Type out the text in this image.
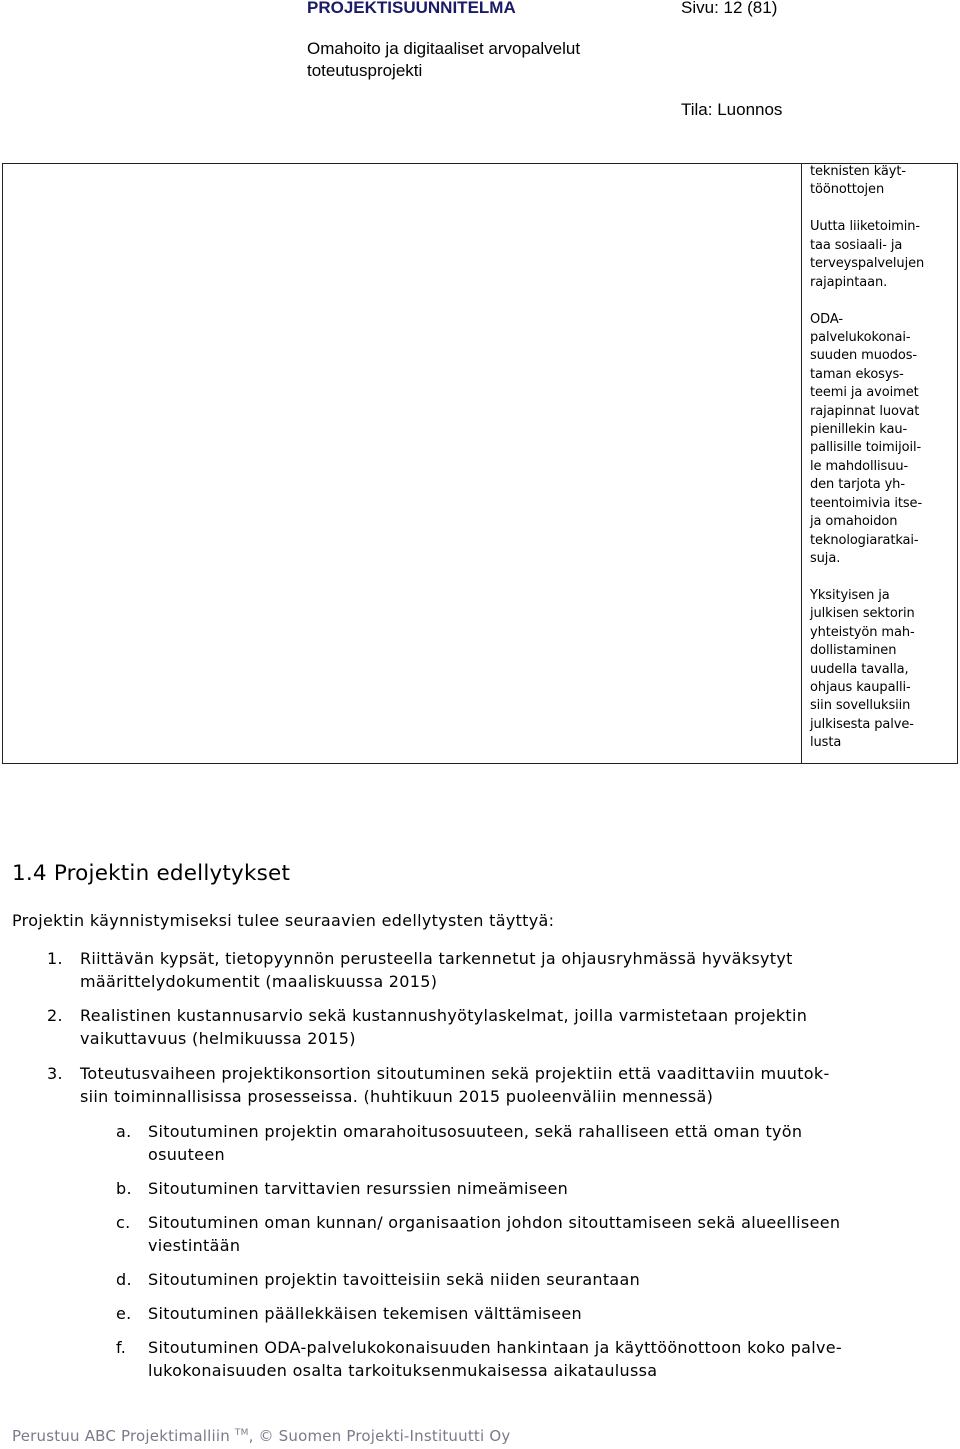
PROJEKTISUUNNITELMA	Sivu: 12 (81)
Omahoito ja digitaaliset arvopalvelut
toteutusprojekti
Tila: Luonnos

teknisten käyt-
töönottojen

Uutta liiketoimin-
taa sosiaali- ja
terveyspalvelujen
rajapintaan.

ODA-
palvelukokonai-
suuden muodos-
taman ekosys-
teemi ja avoimet
rajapinnat luovat
pienillekin kau-
pallisille toimijoil-
le mahdollisuu-
den tarjota yh-
teentoimivia itse-
ja omahoidon
teknologiaratkai-
suja.

Yksityisen ja
julkisen sektorin
yhteistyön mah-
dollistaminen
uudella tavalla,
ohjaus kaupalli-
siin sovelluksiin
julkisesta palve-
lusta

1.4 Projektin edellytykset
Projektin käynnistymiseksi tulee seuraavien edellytysten täyttyä:
1. Riittävän kypsät, tietopyynnön perusteella tarkennetut ja ohjausryhmässä hyväksytyt
määrittelydokumentit (maaliskuussa 2015)
2. Realistinen kustannusarvio sekä kustannushyötylaskelmat, joilla varmistetaan projektin
vaikuttavuus (helmikuussa 2015)
3. Toteutusvaiheen projektikonsortion sitoutuminen sekä projektiin että vaadittaviin muutok-
siin toiminnallisissa prosesseissa. (huhtikuun 2015 puoleenväliin mennessä)
a. Sitoutuminen projektin omarahoitusosuuteen, sekä rahalliseen että oman työn
osuuteen
b. Sitoutuminen tarvittavien resurssien nimeämiseen
c. Sitoutuminen oman kunnan/ organisaation johdon sitouttamiseen sekä alueelliseen
viestintään
d. Sitoutuminen projektin tavoitteisiin sekä niiden seurantaan
e. Sitoutuminen päällekkäisen tekemisen välttämiseen
f. Sitoutuminen ODA-palvelukokonaisuuden hankintaan ja käyttöönottoon koko palve-
lukokonaisuuden osalta tarkoituksenmukaisessa aikataulussa
Perustuu ABC Projektimalliin ™, © Suomen Projekti-Instituutti Oy
